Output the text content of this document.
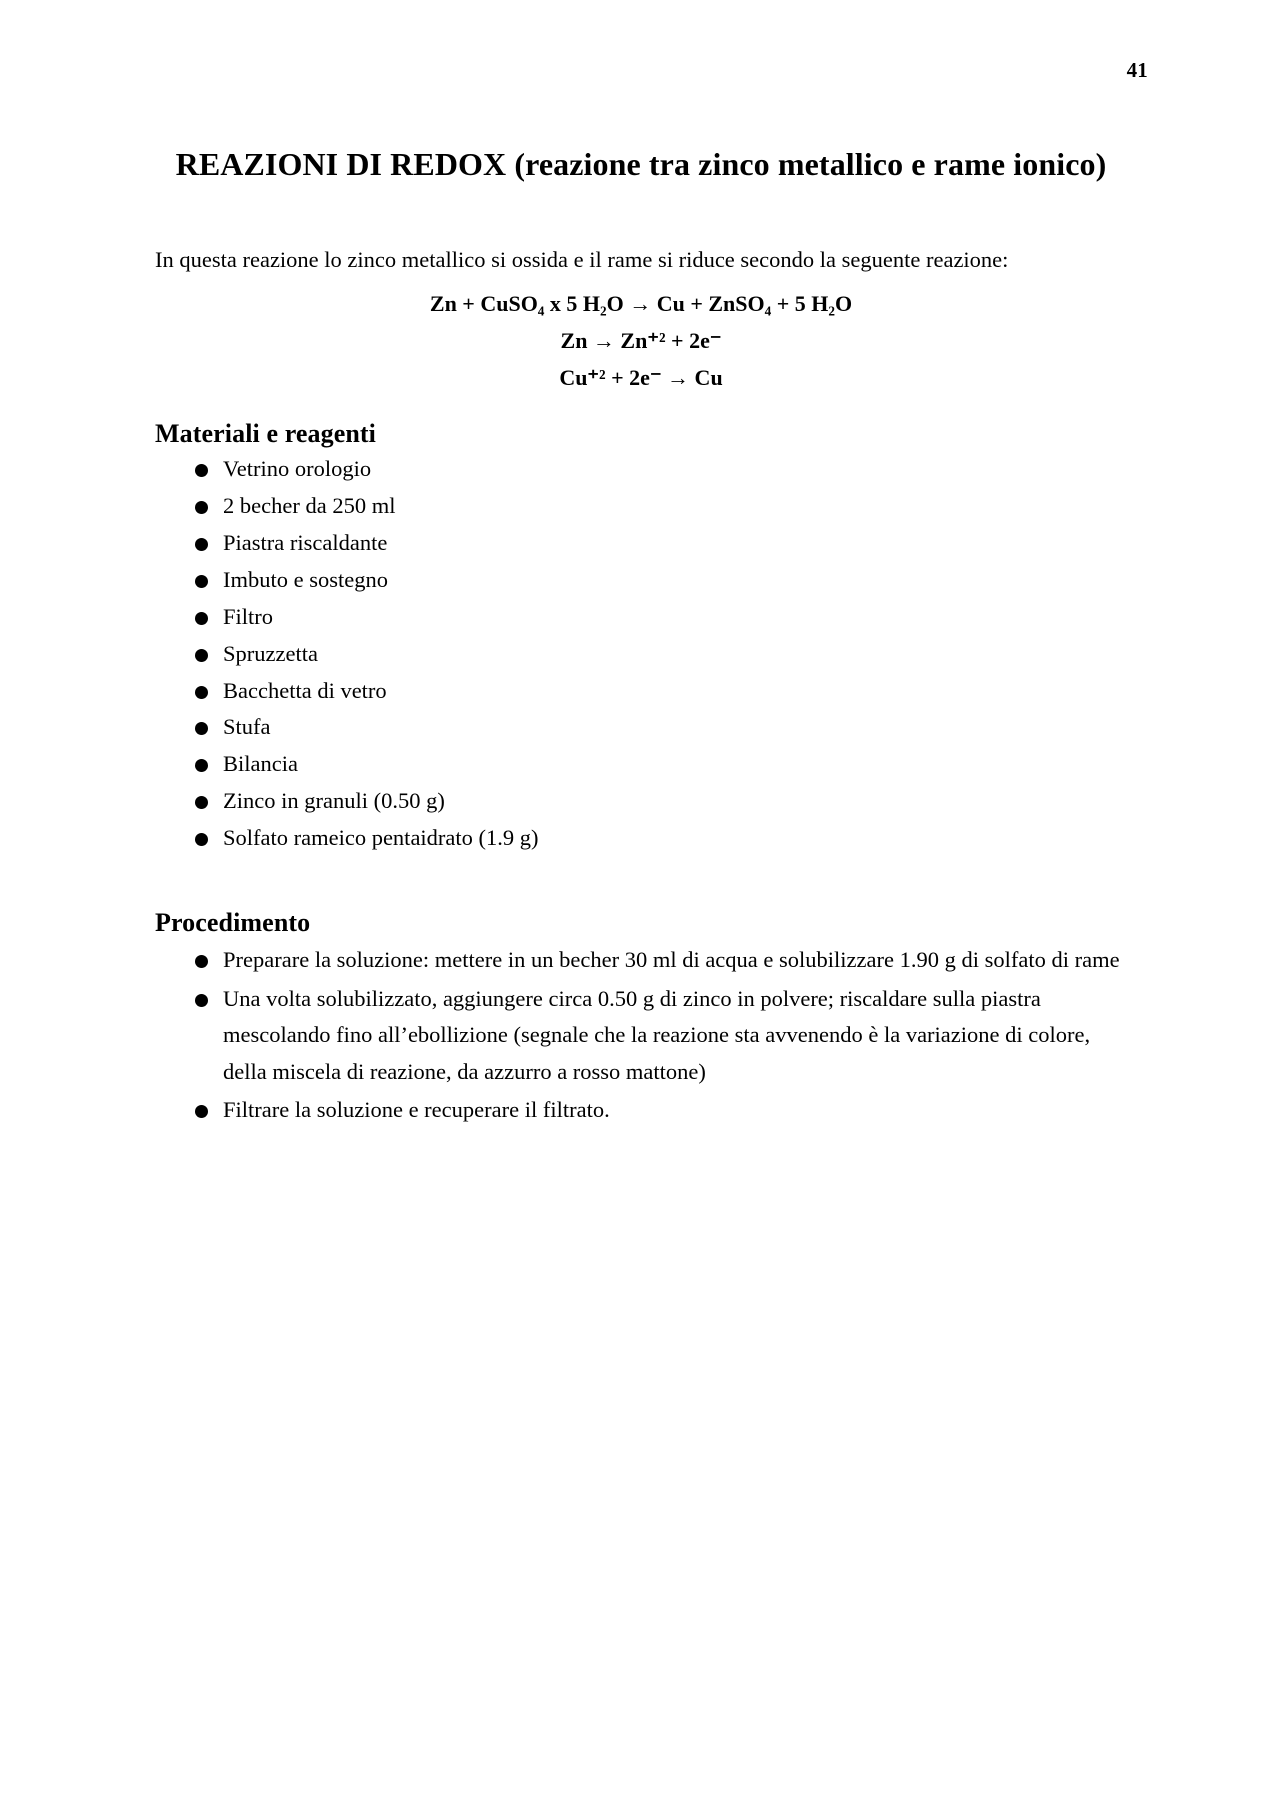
41
REAZIONI DI REDOX (reazione tra zinco metallico e rame ionico)

In questa reazione lo zinco metallico si ossida e il rame si riduce secondo la seguente reazione:

Zn + CuSO₄ x 5 H₂O → Cu + ZnSO₄ + 5 H₂O
Zn → Zn⁺² + 2e⁻
Cu⁺² + 2e⁻ → Cu
Materiali e reagenti
Vetrino orologio
2 becher da 250 ml
Piastra riscaldante
Imbuto e sostegno
Filtro
Spruzzetta
Bacchetta di vetro
Stufa
Bilancia
Zinco in granuli (0.50 g)
Solfato rameico pentaidrato (1.9 g)
Procedimento
Preparare la soluzione: mettere in un becher 30 ml di acqua e solubilizzare 1.90 g di solfato di rame
Una volta solubilizzato, aggiungere circa 0.50 g di zinco in polvere; riscaldare sulla piastra mescolando fino all’ebollizione (segnale che la reazione sta avvenendo è la variazione di colore, della miscela di reazione, da azzurro a rosso mattone)
Filtrare la soluzione e recuperare il filtrato.
